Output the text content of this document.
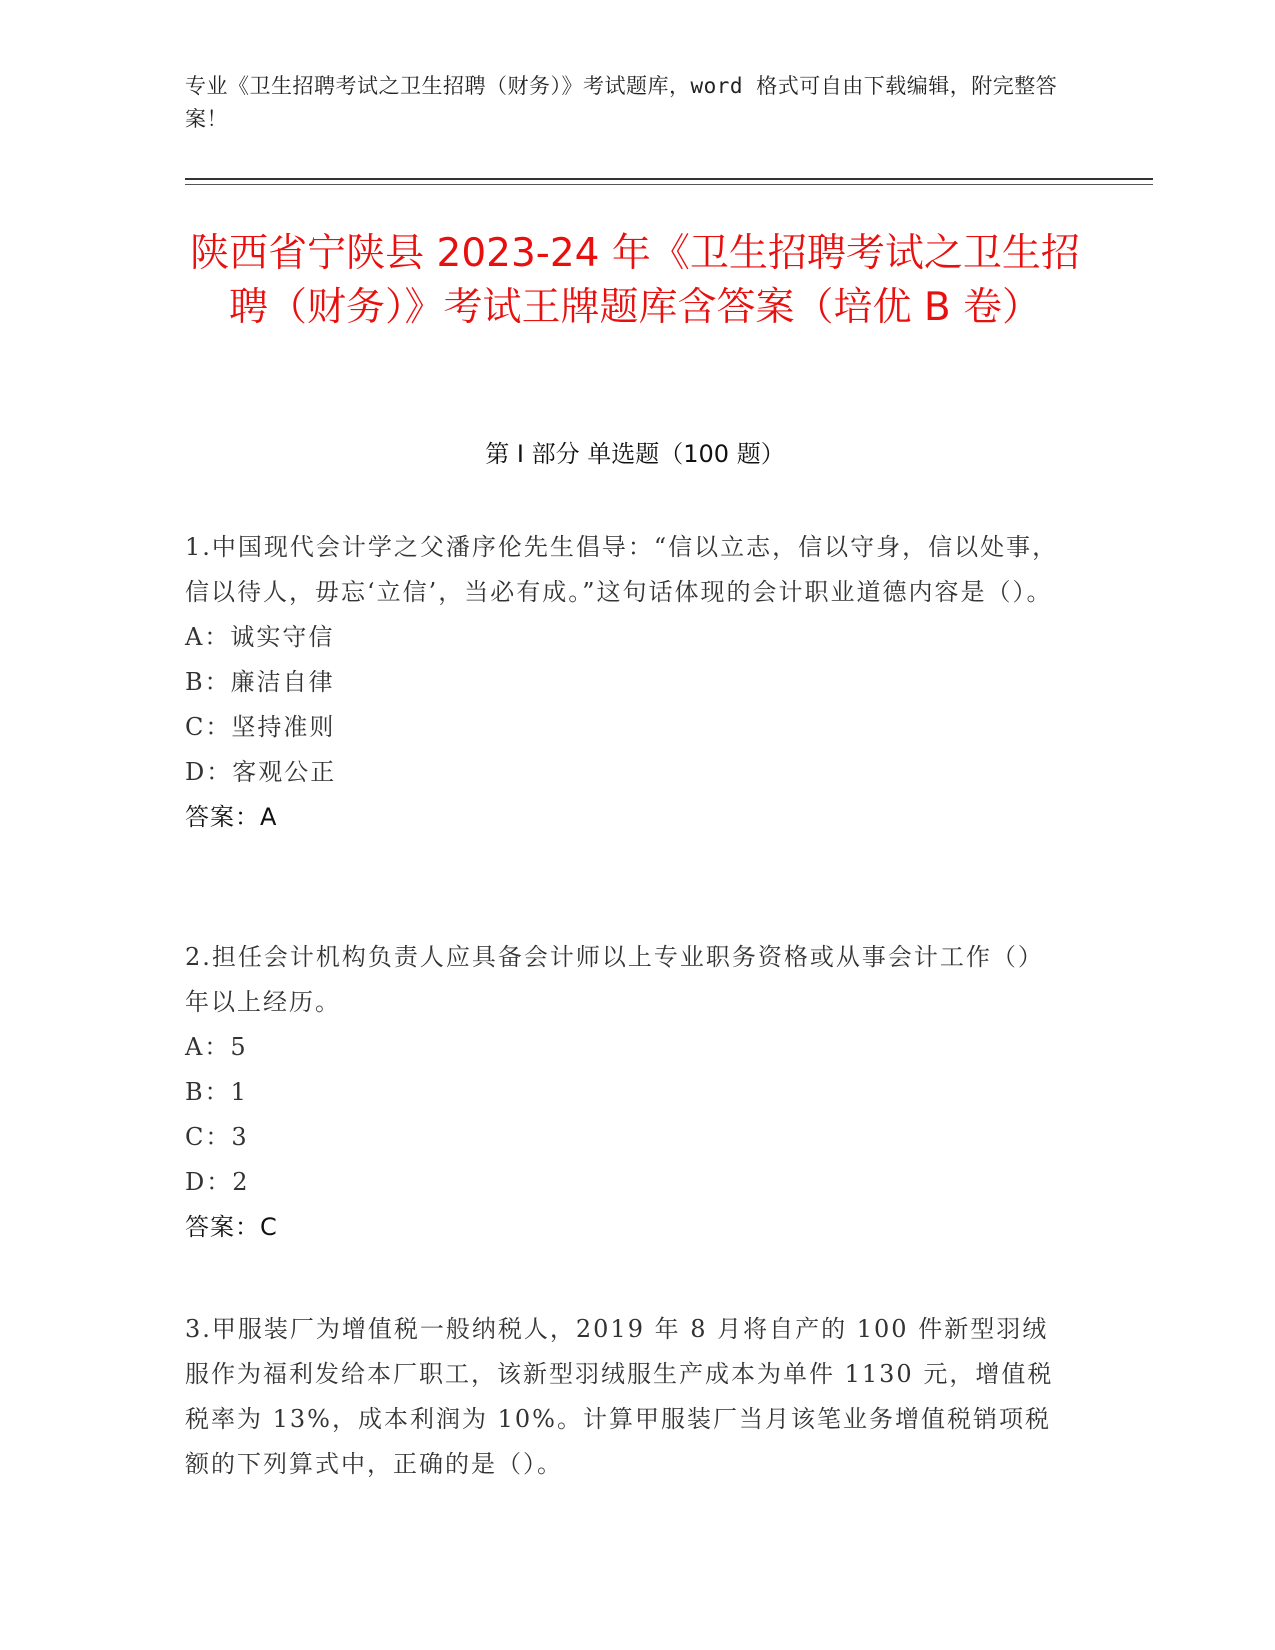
专业《卫生招聘考试之卫生招聘（财务）》考试题库，word 格式可自由下载编辑，附完整答案！
陕西省宁陕县 2023-24 年《卫生招聘考试之卫生招聘（财务）》考试王牌题库含答案（培优 B 卷）
第 I 部分 单选题（100 题）

1.中国现代会计学之父潘序伦先生倡导：“信以立志，信以守身，信以处事，信以待人，毋忘‘立信’，当必有成。”这句话体现的会计职业道德内容是（）。

A：诚实守信

B：廉洁自律

C：坚持准则

D：客观公正

答案：A

2.担任会计机构负责人应具备会计师以上专业职务资格或从事会计工作（）年以上经历。

A：5

B：1

C：3

D：2

答案：C

3.甲服装厂为增值税一般纳税人，2019 年 8 月将自产的 100 件新型羽绒服作为福利发给本厂职工，该新型羽绒服生产成本为单件 1130 元，增值税税率为 13%，成本利润为 10%。计算甲服装厂当月该笔业务增值税销项税额的下列算式中，正确的是（）。
